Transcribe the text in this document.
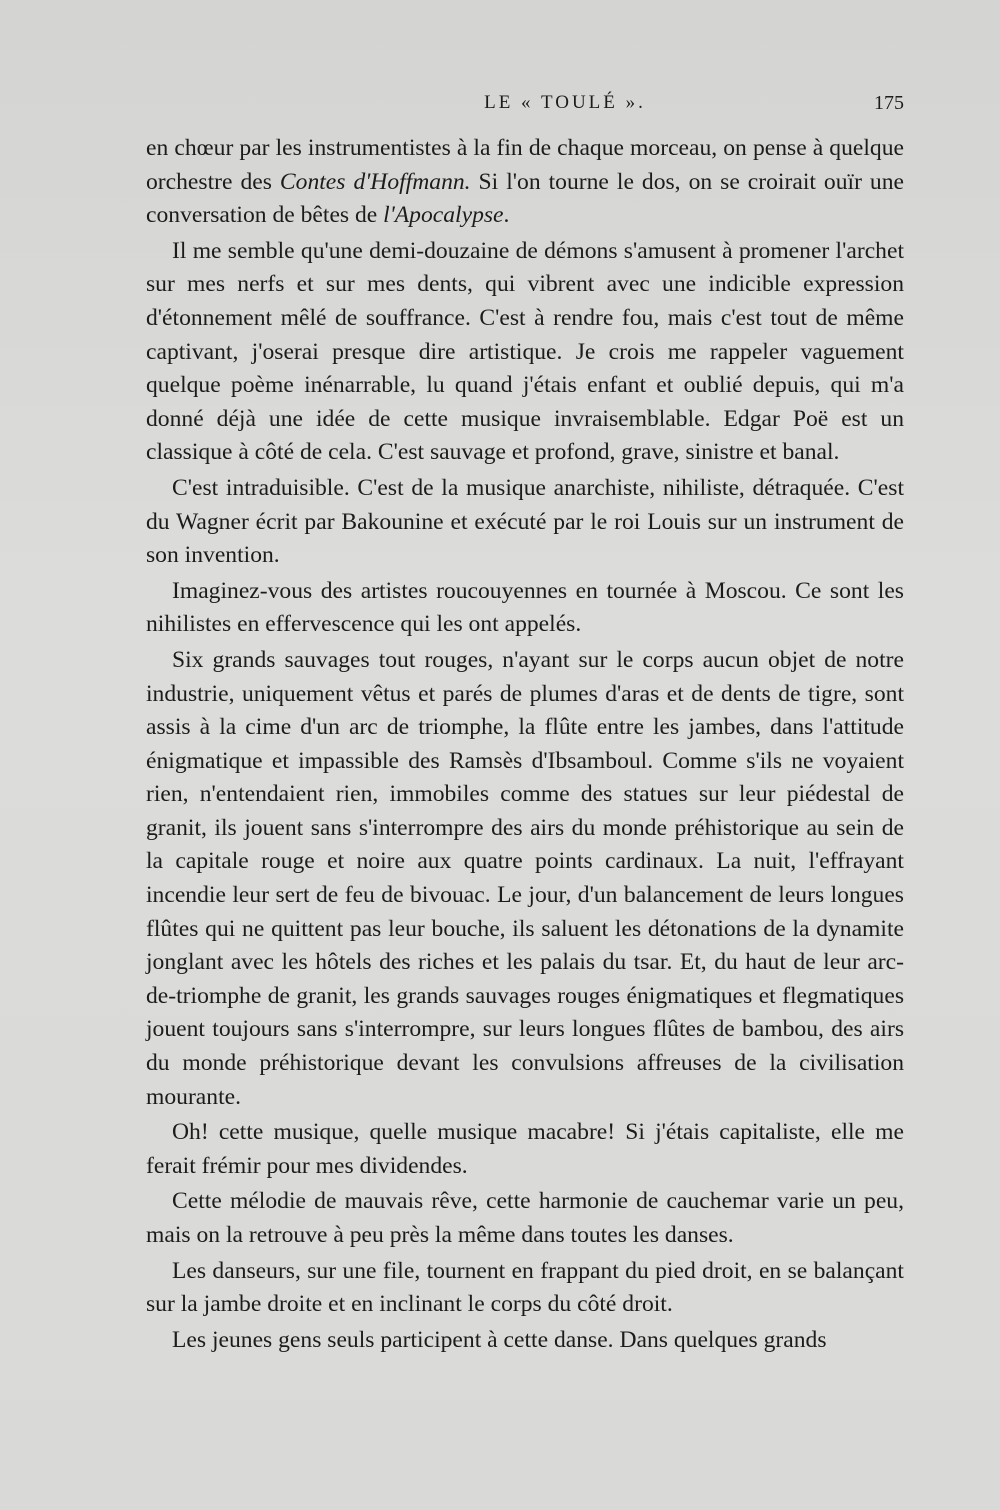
LE « TOULÉ ».	175

en chœur par les instrumentistes à la fin de chaque morceau, on pense à quelque orchestre des Contes d'Hoffmann. Si l'on tourne le dos, on se croirait ouïr une conversation de bêtes de l'Apocalypse.

Il me semble qu'une demi-douzaine de démons s'amusent à promener l'archet sur mes nerfs et sur mes dents, qui vibrent avec une indicible expression d'étonnement mêlé de souffrance. C'est à rendre fou, mais c'est tout de même captivant, j'oserai presque dire artistique. Je crois me rappeler vaguement quelque poème inénarrable, lu quand j'étais enfant et oublié depuis, qui m'a donné déjà une idée de cette musique invraisemblable. Edgar Poë est un classique à côté de cela. C'est sauvage et profond, grave, sinistre et banal.

C'est intraduisible. C'est de la musique anarchiste, nihiliste, détraquée. C'est du Wagner écrit par Bakounine et exécuté par le roi Louis sur un instrument de son invention.

Imaginez-vous des artistes roucouyennes en tournée à Moscou. Ce sont les nihilistes en effervescence qui les ont appelés.

Six grands sauvages tout rouges, n'ayant sur le corps aucun objet de notre industrie, uniquement vêtus et parés de plumes d'aras et de dents de tigre, sont assis à la cime d'un arc de triomphe, la flûte entre les jambes, dans l'attitude énigmatique et impassible des Ramsès d'Ibsamboul. Comme s'ils ne voyaient rien, n'entendaient rien, immobiles comme des statues sur leur piédestal de granit, ils jouent sans s'interrompre des airs du monde préhistorique au sein de la capitale rouge et noire aux quatre points cardinaux. La nuit, l'effrayant incendie leur sert de feu de bivouac. Le jour, d'un balancement de leurs longues flûtes qui ne quittent pas leur bouche, ils saluent les détonations de la dynamite jonglant avec les hôtels des riches et les palais du tsar. Et, du haut de leur arc-de-triomphe de granit, les grands sauvages rouges énigmatiques et flegmatiques jouent toujours sans s'interrompre, sur leurs longues flûtes de bambou, des airs du monde préhistorique devant les convulsions affreuses de la civilisation mourante.

Oh! cette musique, quelle musique macabre! Si j'étais capitaliste, elle me ferait frémir pour mes dividendes.

Cette mélodie de mauvais rêve, cette harmonie de cauchemar varie un peu, mais on la retrouve à peu près la même dans toutes les danses.

Les danseurs, sur une file, tournent en frappant du pied droit, en se balançant sur la jambe droite et en inclinant le corps du côté droit.

Les jeunes gens seuls participent à cette danse. Dans quelques grands
